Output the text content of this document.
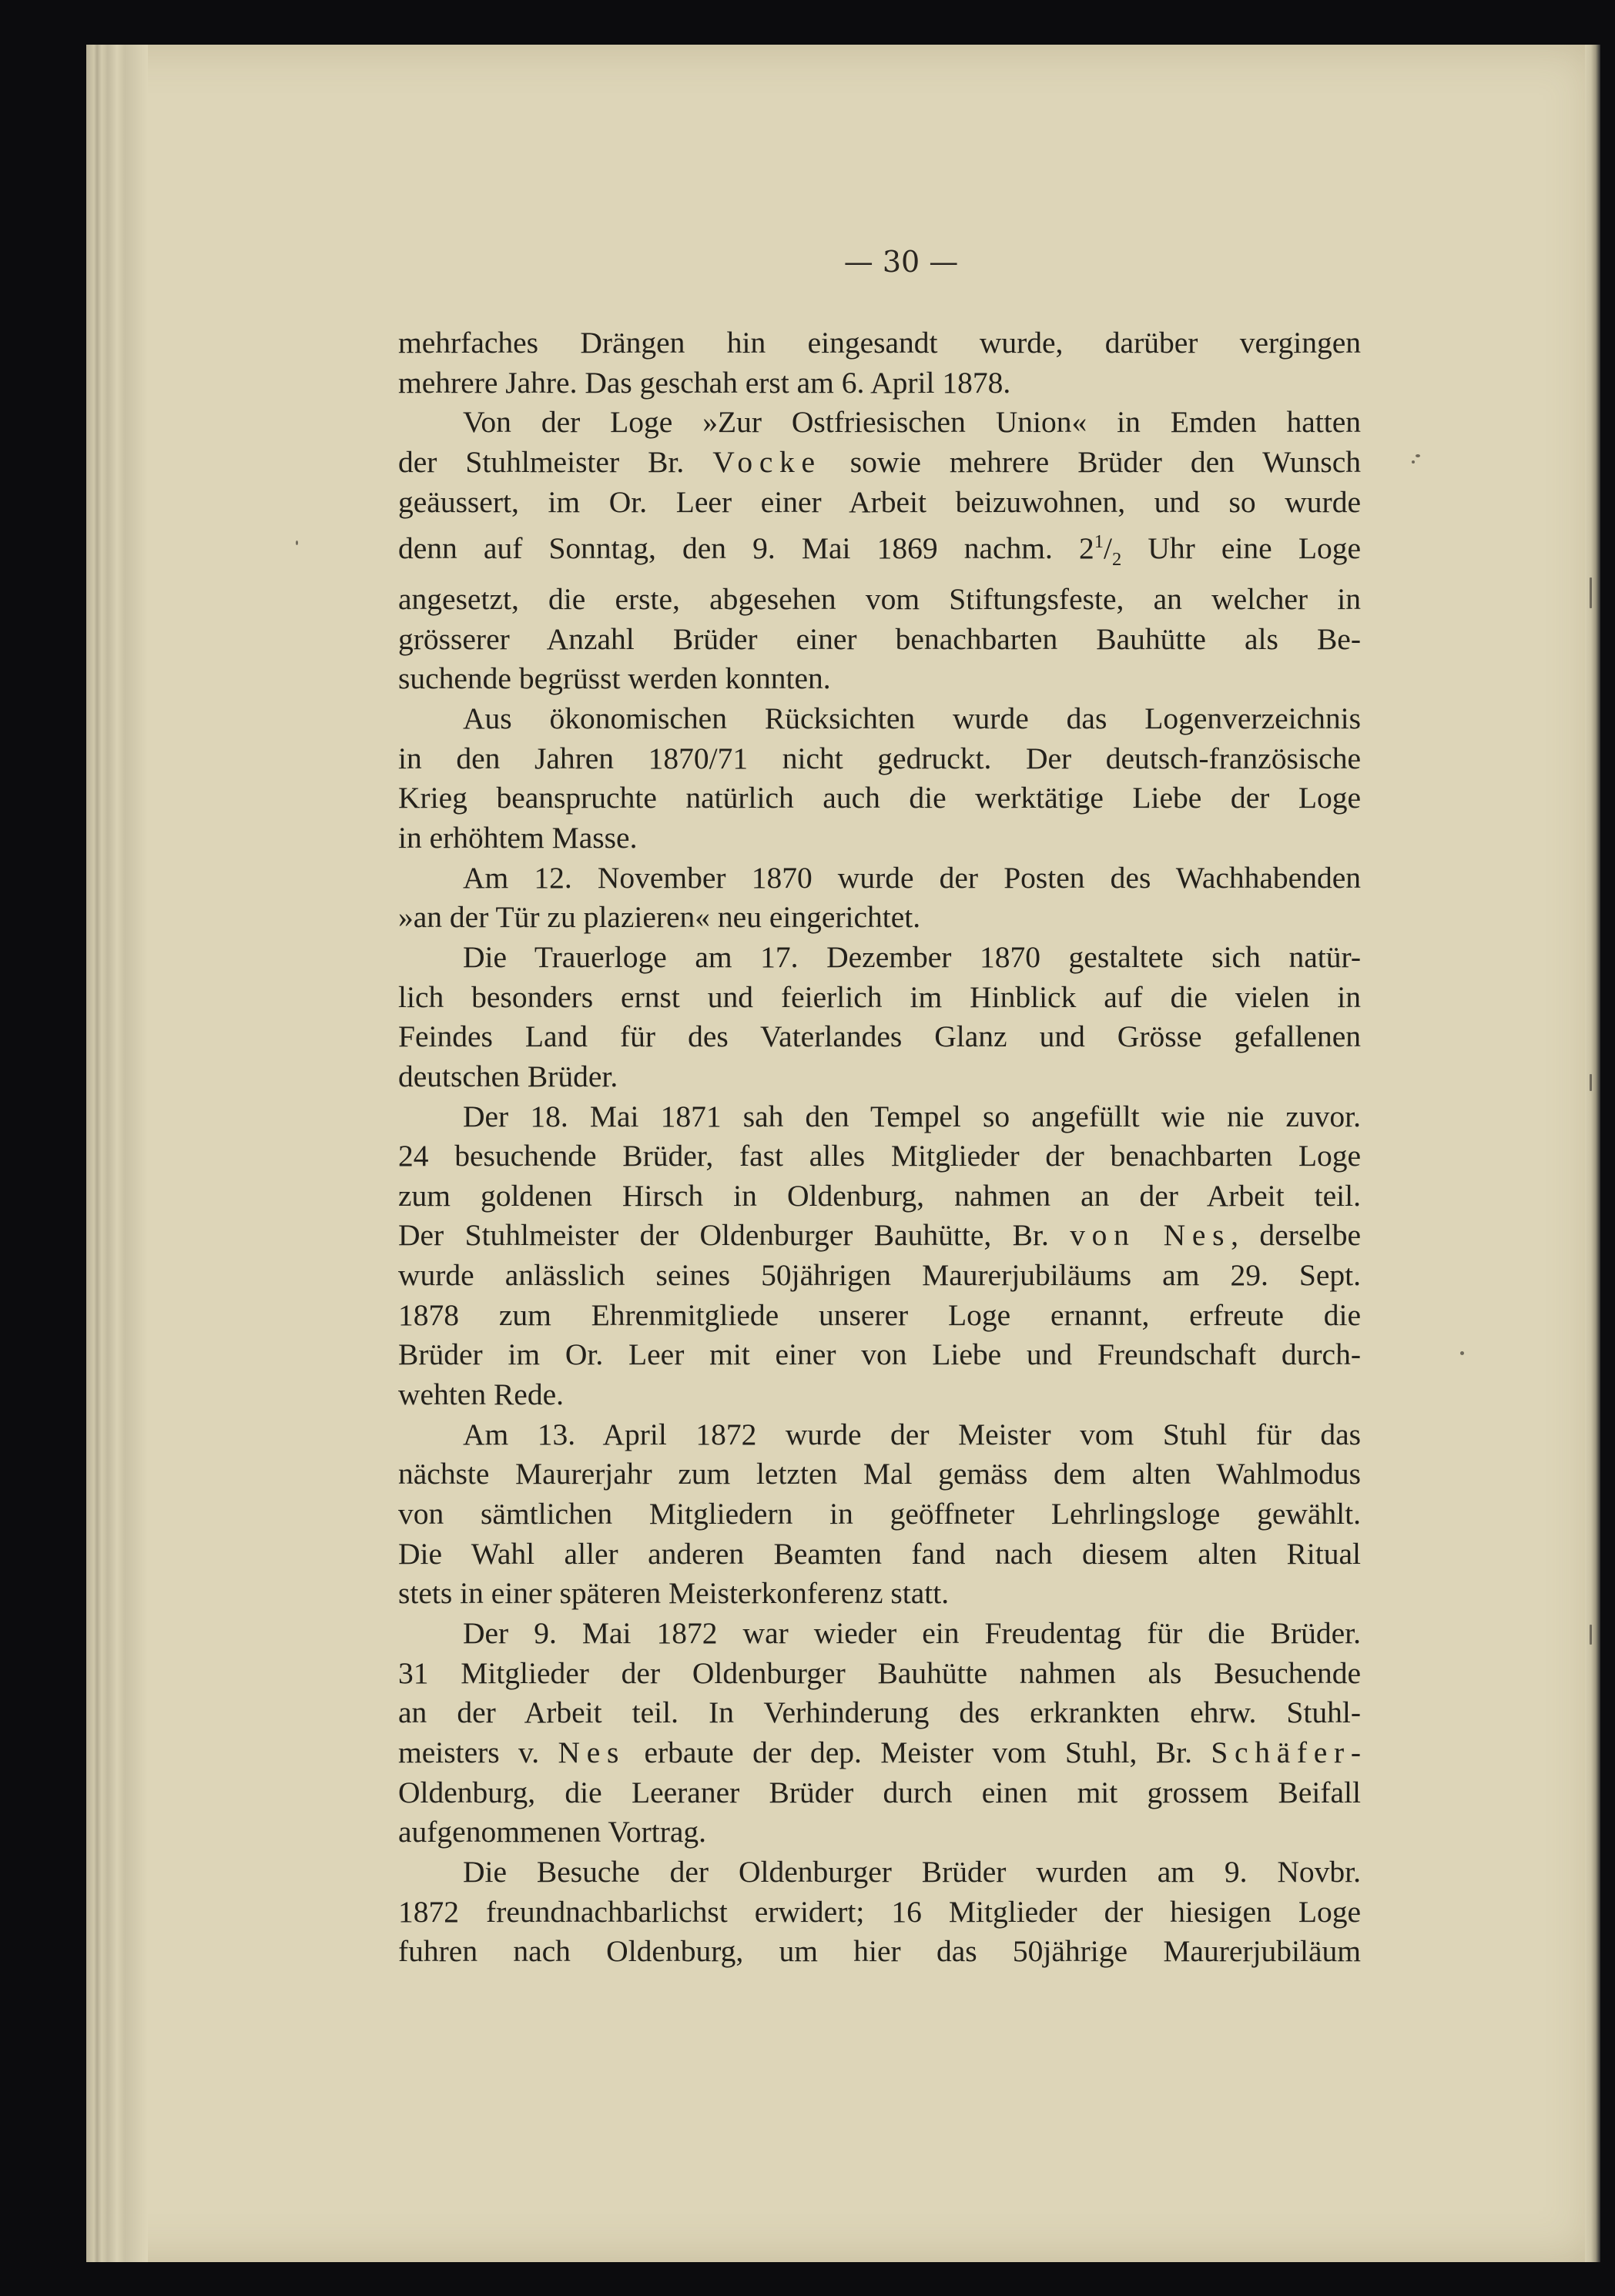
— 30 —
mehrfaches Drängen hin eingesandt wurde, darüber vergingen
mehrere Jahre. Das geschah erst am 6. April 1878.
Von der Loge »Zur Ostfriesischen Union« in Emden hatten
der Stuhlmeister Br. Vocke sowie mehrere Brüder den Wunsch
geäussert, im Or. Leer einer Arbeit beizuwohnen, und so wurde
denn auf Sonntag, den 9. Mai 1869 nachm. $2^1/_2$ Uhr eine Loge
angesetzt, die erste, abgesehen vom Stiftungsfeste, an welcher in
grösserer Anzahl Brüder einer benachbarten Bauhütte als Be-
suchende begrüsst werden konnten.
Aus ökonomischen Rücksichten wurde das Logenverzeichnis
in den Jahren 1870/71 nicht gedruckt. Der deutsch-französische
Krieg beanspruchte natürlich auch die werktätige Liebe der Loge
in erhöhtem Masse.
Am 12. November 1870 wurde der Posten des Wachhabenden
»an der Tür zu plazieren« neu eingerichtet.
Die Trauerloge am 17. Dezember 1870 gestaltete sich natür-
lich besonders ernst und feierlich im Hinblick auf die vielen in
Feindes Land für des Vaterlandes Glanz und Grösse gefallenen
deutschen Brüder.
Der 18. Mai 1871 sah den Tempel so angefüllt wie nie zuvor.
24 besuchende Brüder, fast alles Mitglieder der benachbarten Loge
zum goldenen Hirsch in Oldenburg, nahmen an der Arbeit teil.
Der Stuhlmeister der Oldenburger Bauhütte, Br. von Nes, derselbe
wurde anlässlich seines 50jährigen Maurerjubiläums am 29. Sept.
1878 zum Ehrenmitgliede unserer Loge ernannt, erfreute die
Brüder im Or. Leer mit einer von Liebe und Freundschaft durch-
wehten Rede.
Am 13. April 1872 wurde der Meister vom Stuhl für das
nächste Maurerjahr zum letzten Mal gemäss dem alten Wahlmodus
von sämtlichen Mitgliedern in geöffneter Lehrlingsloge gewählt.
Die Wahl aller anderen Beamten fand nach diesem alten Ritual
stets in einer späteren Meisterkonferenz statt.
Der 9. Mai 1872 war wieder ein Freudentag für die Brüder.
31 Mitglieder der Oldenburger Bauhütte nahmen als Besuchende
an der Arbeit teil. In Verhinderung des erkrankten ehrw. Stuhl-
meisters v. Nes erbaute der dep. Meister vom Stuhl, Br. Schäfer-
Oldenburg, die Leeraner Brüder durch einen mit grossem Beifall
aufgenommenen Vortrag.
Die Besuche der Oldenburger Brüder wurden am 9. Novbr.
1872 freundnachbarlichst erwidert; 16 Mitglieder der hiesigen Loge
fuhren nach Oldenburg, um hier das 50jährige Maurerjubiläum
